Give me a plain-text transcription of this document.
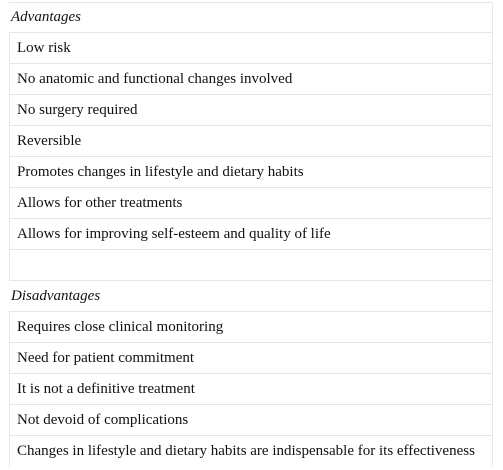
Advantages
Low risk
No anatomic and functional changes involved
No surgery required
Reversible
Promotes changes in lifestyle and dietary habits
Allows for other treatments
Allows for improving self-esteem and quality of life
Disadvantages
Requires close clinical monitoring
Need for patient commitment
It is not a definitive treatment
Not devoid of complications
Changes in lifestyle and dietary habits are indispensable for its effectiveness
